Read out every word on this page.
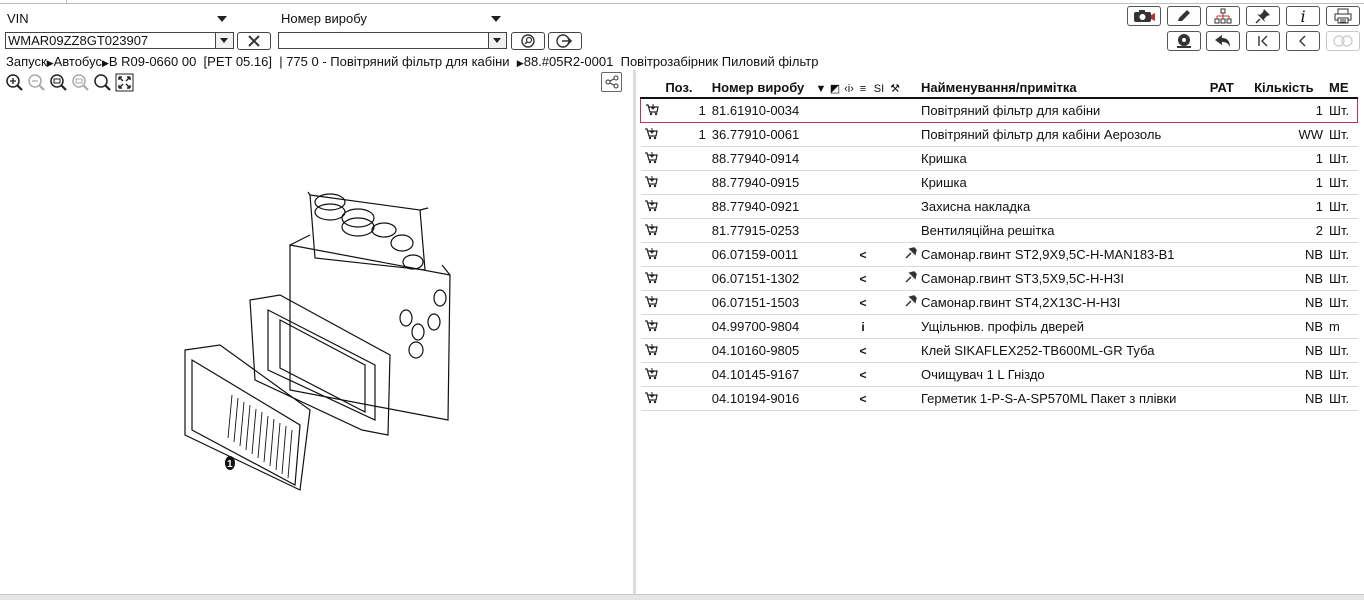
VIN	Номер виробу
WMAR09ZZ8GT023907
i
Запуск▶Автобус▶B R09-0660 00 [PET 05.16] | 775 0 - Повітряний фільтр для кабіни ▶88.#05R2-0001 Повітрозабірник Пиловий фільтр
1
	Поз.	Номер виробу	▼ ◩ ‹i› ≡ SI ⚒	Найменування/примітка	PAT	Кількість	МЕ
	1	81.61910-0034		Повітряний фільтр для кабіни		1	Шт.
	1	36.77910-0061		Повітряний фільтр для кабіни Аерозоль		WW	Шт.
		88.77940-0914		Кришка		1	Шт.
		88.77940-0915		Кришка		1	Шт.
		88.77940-0921		Захисна накладка		1	Шт.
		81.77915-0253		Вентиляційна решітка		2	Шт.
		06.07159-0011	<	Самонар.гвинт ST2,9X9,5C-H-MAN183-B1		NB	Шт.
		06.07151-1302	<	Самонар.гвинт ST3,5X9,5C-H-H3I		NB	Шт.
		06.07151-1503	<	Самонар.гвинт ST4,2X13C-H-H3I		NB	Шт.
		04.99700-9804	i	Ущільнюв. профіль дверей		NB	m
		04.10160-9805	<	Клей SIKAFLEX252-TB600ML-GR Туба		NB	Шт.
		04.10145-9167	<	Очищувач 1 L Гніздо		NB	Шт.
		04.10194-9016	<	Герметик 1-P-S-A-SP570ML Пакет з плівки		NB	Шт.
